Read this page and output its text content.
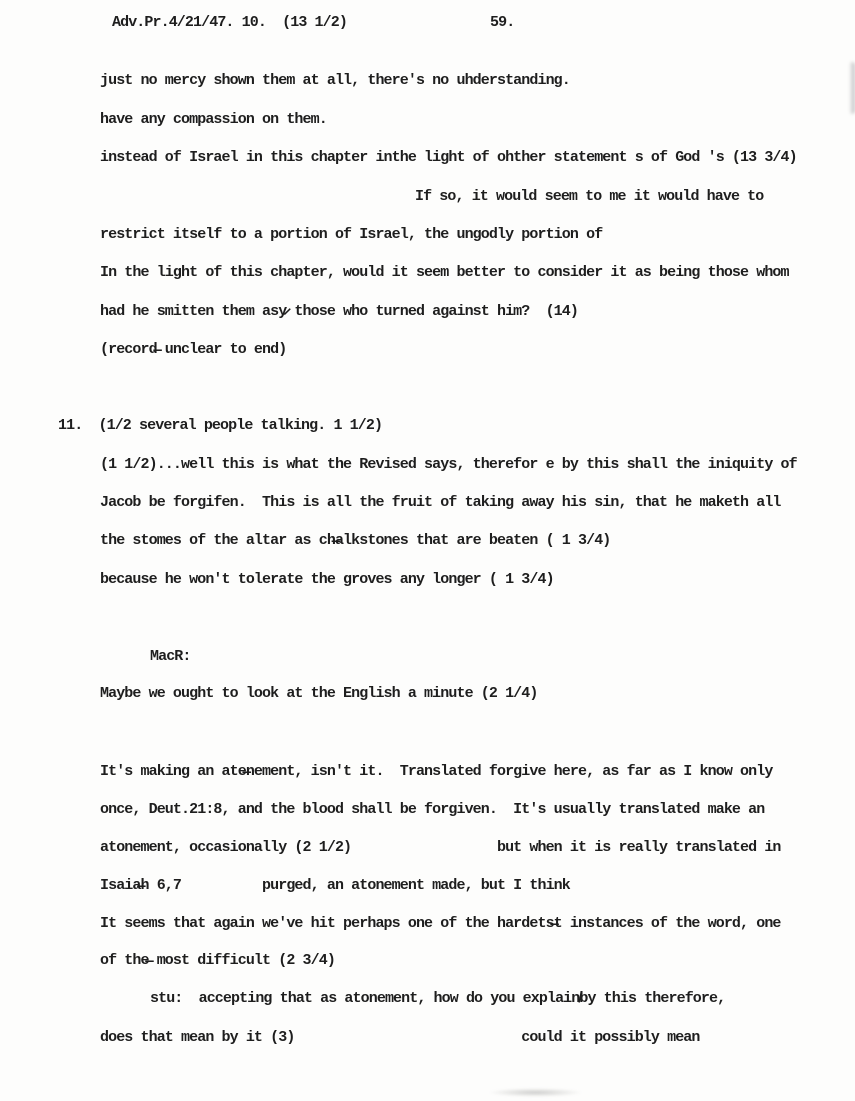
Adv.Pr.4/21/47. 10.  (13 1/2)	59.
just no mercy shown them at all, there's no uhderstanding.
have any compassion on them.
instead of Israel in this chapter inthe light of ohther statement s of God 's (13 3/4)
If so, it would seem to me it would have to
restrict itself to a portion of Israel, the ungodly portion of
In the light of this chapter, would it seem better to consider it as being those whom
had he smitten them asy̷ those who turned against him?  (14)
(record̶ unclear to end)
11.  (1/2 several people talking. 1 1/2)
(1 1/2)...well this is what the Revised says, therefor e by this shall the iniquity of
Jacob be forgifen.  This is all the fruit of taking away his sin, that he maketh all
the stomes of the altar as ch̶alkstones that are beaten ( 1 3/4)
because he won't tolerate the groves any longer ( 1 3/4)
MacR:
Maybe we ought to look at the English a minute (2 1/4)
It's making an ate̶nement, isn't it.  Translated forgive here, as far as I know only
once, Deut.21:8, and the blood shall be forgiven.  It's usually translated make an
atonement, occasionally (2 1/2)                  but when it is really translated in
Isaia̶h 6,7          purged, an atonement made, but I think
It seems that again we've hit perhaps one of the hardets̶t instances of the word, one
of the̶ most difficult (2 3/4)
stu:  accepting that as atonement, how do you explain̸by this therefore,
does that mean by it (3)                            could it possibly mean
